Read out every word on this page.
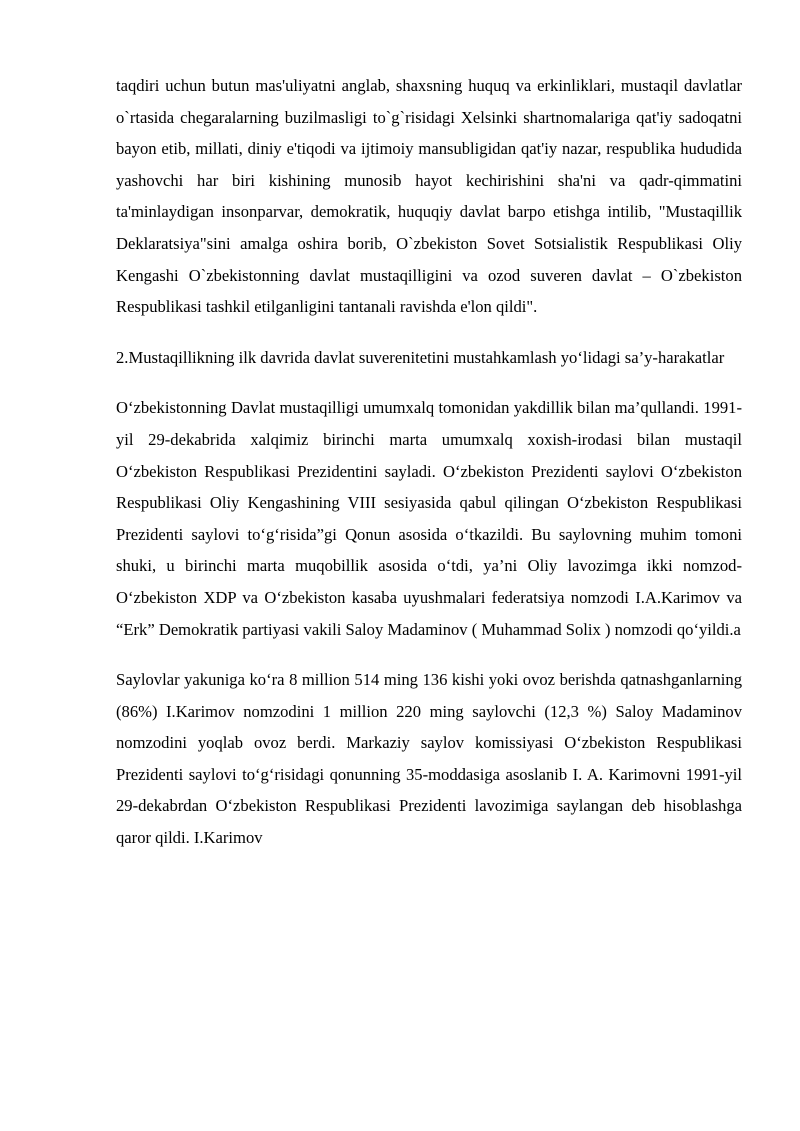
taqdiri uchun butun mas'uliyatni anglab, shaxsning huquq va erkinliklari, mustaqil davlatlar o`rtasida chegaralarning buzilmasligi to`g`risidagi Xelsinki shartnomalariga qat'iy sadoqatni bayon etib, millati, diniy e'tiqodi va ijtimoiy mansubligidan qat'iy nazar, respublika hududida yashovchi har biri kishining munosib hayot kechirishini sha'ni va qadr-qimmatini ta'minlaydigan insonparvar, demokratik, huquqiy davlat barpo etishga intilib, "Mustaqillik Deklaratsiya"sini amalga oshira borib, O`zbekiston Sovet Sotsialistik Respublikasi Oliy Kengashi O`zbekistonning davlat mustaqilligini va ozod suveren davlat – O`zbekiston Respublikasi tashkil etilganligini tantanali ravishda e'lon qildi".

2.Mustaqillikning ilk davrida davlat suverenitetini mustahkamlash yo‘lidagi sa’y-harakatlar

O‘zbekistonning Davlat mustaqilligi umumxalq tomonidan yakdillik bilan ma’qullandi. 1991-yil 29-dekabrida xalqimiz birinchi marta umumxalq xoxish-irodasi bilan mustaqil O‘zbekiston Respublikasi Prezidentini sayladi. O‘zbekiston Prezidenti saylovi O‘zbekiston Respublikasi Oliy Kengashining VIII sesiyasida qabul qilingan O‘zbekiston Respublikasi Prezidenti saylovi to‘g‘risida”gi Qonun asosida o‘tkazildi. Bu saylovning muhim tomoni shuki, u birinchi marta muqobillik asosida o‘tdi, ya’ni Oliy lavozimga ikki nomzod- O‘zbekiston XDP va O‘zbekiston kasaba uyushmalari federatsiya nomzodi I.A.Karimov va “Erk” Demokratik partiyasi vakili Saloy Madaminov ( Muhammad Solix ) nomzodi qo‘yildi.a

Saylovlar yakuniga ko‘ra 8 million 514 ming 136 kishi yoki ovoz berishda qatnashganlarning (86%) I.Karimov nomzodini 1 million 220 ming saylovchi (12,3 %) Saloy Madaminov nomzodini yoqlab ovoz berdi. Markaziy saylov komissiyasi O‘zbekiston Respublikasi Prezidenti saylovi to‘g‘risidagi qonunning 35-moddasiga asoslanib I. A. Karimovni 1991-yil 29-dekabrdan O‘zbekiston Respublikasi Prezidenti lavozimiga saylangan deb hisoblashga qaror qildi. I.Karimov
